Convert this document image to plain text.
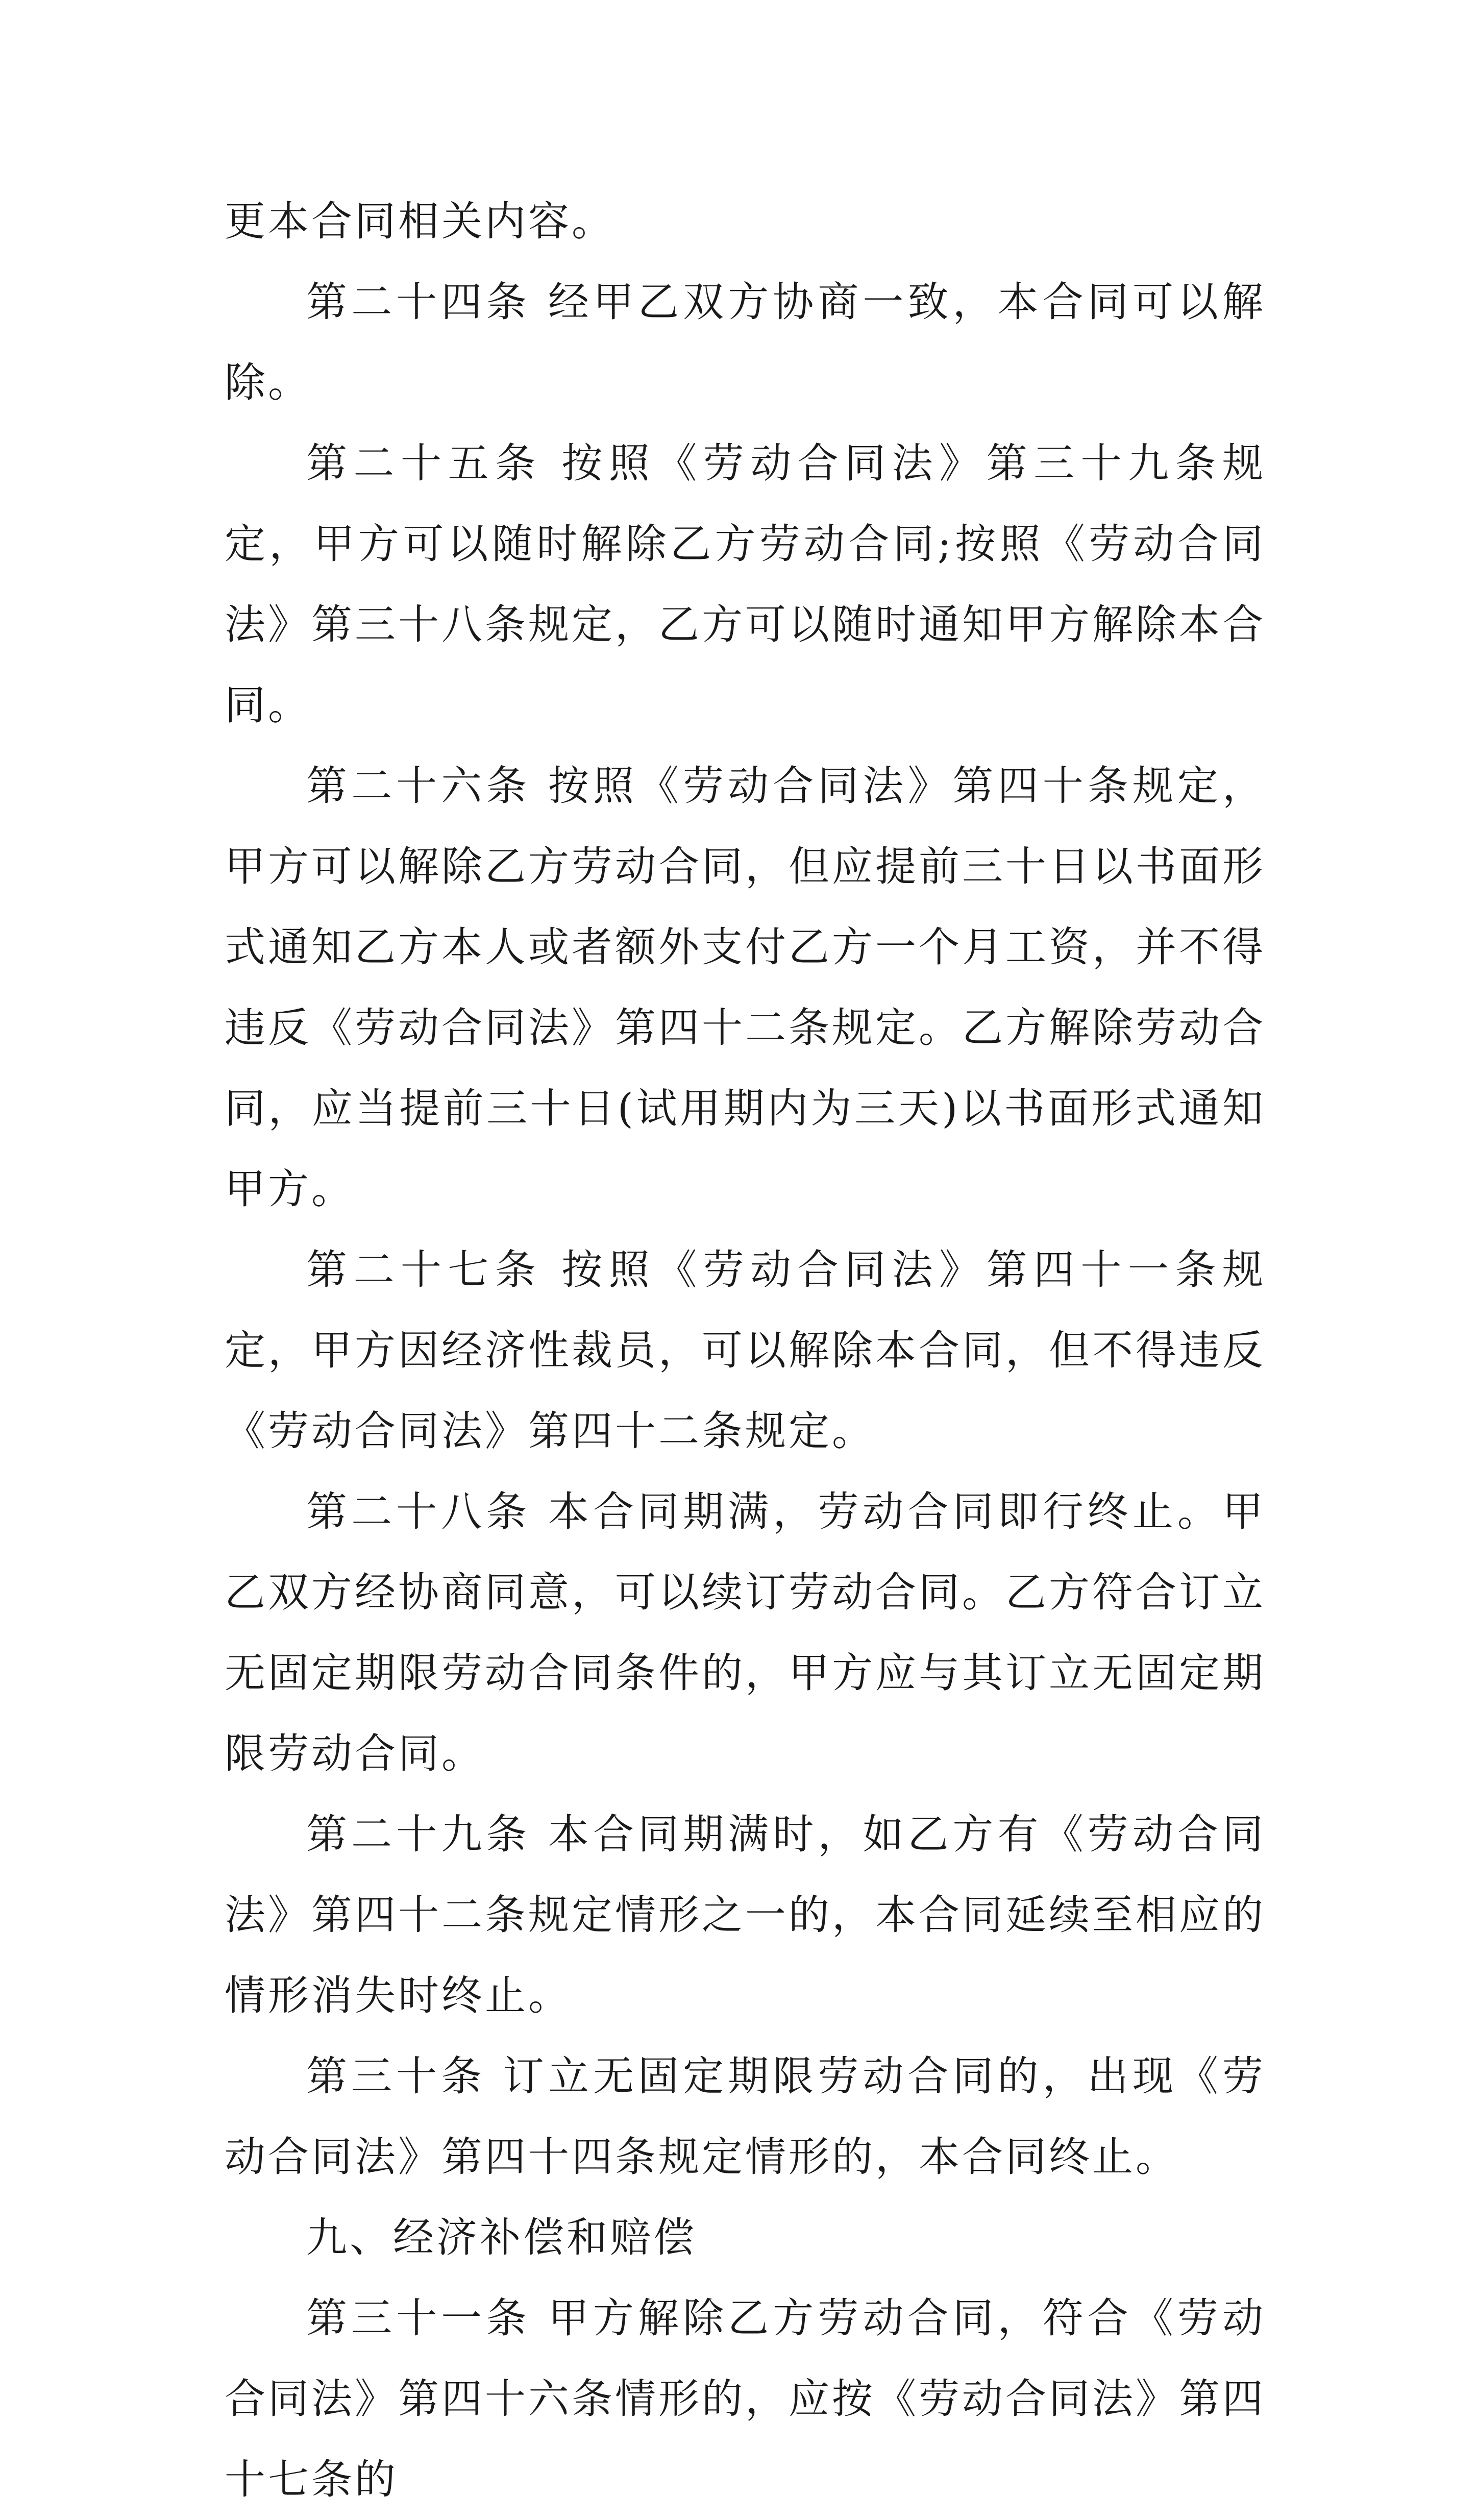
更本合同相关内容。

第二十四条 经甲乙双方协商一致，本合同可以解除。

第二十五条 按照《劳动合同法》第三十九条规定，甲方可以随时解除乙方劳动合同;按照《劳动合同法》第三十八条规定，乙方可以随时通知甲方解除本合同。

第二十六条 按照《劳动合同法》第四十条规定，甲方可以解除乙方劳动合同，但应提前三十日以书面形式通知乙方本人或者额外支付乙方一个月工资，并不得违反《劳动合同法》第四十二条规定。乙方解除劳动合同，应当提前三十日(试用期内为三天)以书面形式通知甲方。

第二十七条 按照《劳动合同法》第四十一条规定，甲方因经济性裁员，可以解除本合同，但不得违反《劳动合同法》第四十二条规定。

第二十八条 本合同期满，劳动合同即行终止。甲乙双方经协商同意，可以续订劳动合同。乙方符合订立无固定期限劳动合同条件的，甲方应与其订立无固定期限劳动合同。

第二十九条 本合同期满时，如乙方有《劳动合同法》第四十二条规定情形之一的，本合同延续至相应的情形消失时终止。

第三十条 订立无固定期限劳动合同的，出现《劳动合同法》第四十四条规定情形的，本合同终止。

九、经济补偿和赔偿

第三十一条 甲方解除乙方劳动合同，符合《劳动合同法》第四十六条情形的，应按《劳动合同法》第四十七条的
